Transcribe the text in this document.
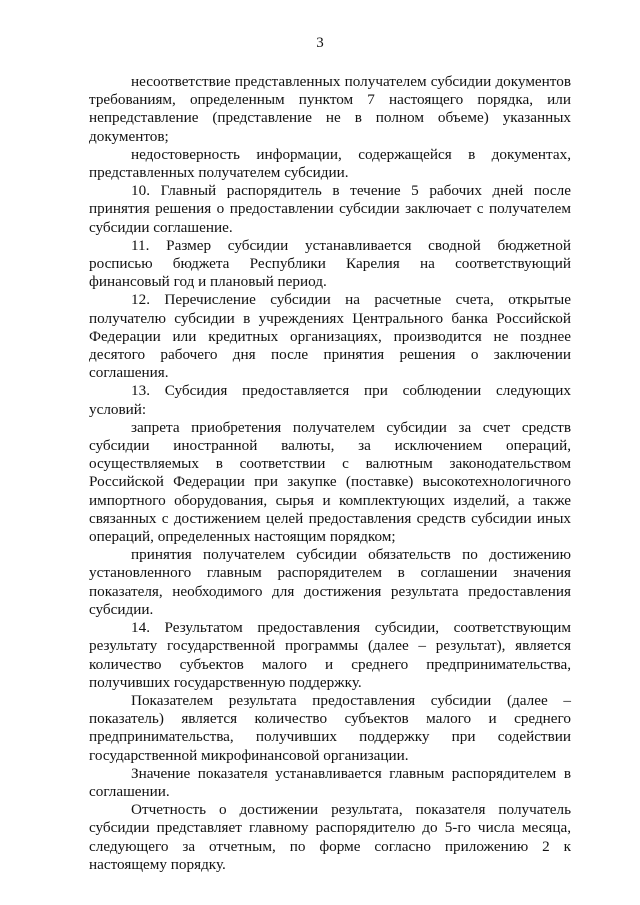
3

несоответствие представленных получателем субсидии документов требованиям, определенным пунктом 7 настоящего порядка, или непредставление (представление не в полном объеме) указанных документов;

недостоверность информации, содержащейся в документах, представленных получателем субсидии.

10. Главный распорядитель в течение 5 рабочих дней после принятия решения о предоставлении субсидии заключает с получателем субсидии соглашение.

11. Размер субсидии устанавливается сводной бюджетной росписью бюджета Республики Карелия на соответствующий финансовый год и плановый период.

12. Перечисление субсидии на расчетные счета, открытые получателю субсидии в учреждениях Центрального банка Российской Федерации или кредитных организациях, производится не позднее десятого рабочего дня после принятия решения о заключении соглашения.

13. Субсидия предоставляется при соблюдении следующих условий:

запрета приобретения получателем субсидии за счет средств субсидии иностранной валюты, за исключением операций, осуществляемых в соответствии с валютным законодательством Российской Федерации при закупке (поставке) высокотехнологичного импортного оборудования, сырья и комплектующих изделий, а также связанных с достижением целей предоставления средств субсидии иных операций, определенных настоящим порядком;

принятия получателем субсидии обязательств по достижению установленного главным распорядителем в соглашении значения показателя, необходимого для достижения результата предоставления субсидии.

14. Результатом предоставления субсидии, соответствующим результату государственной программы (далее – результат), является количество субъектов малого и среднего предпринимательства, получивших государственную поддержку.

Показателем результата предоставления субсидии (далее – показатель) является количество субъектов малого и среднего предпринимательства, получивших поддержку при содействии государственной микрофинансовой организации.

Значение показателя устанавливается главным распорядителем в соглашении.

Отчетность о достижении результата, показателя получатель субсидии представляет главному распорядителю до 5-го числа месяца, следующего за отчетным, по форме согласно приложению 2 к настоящему порядку.
